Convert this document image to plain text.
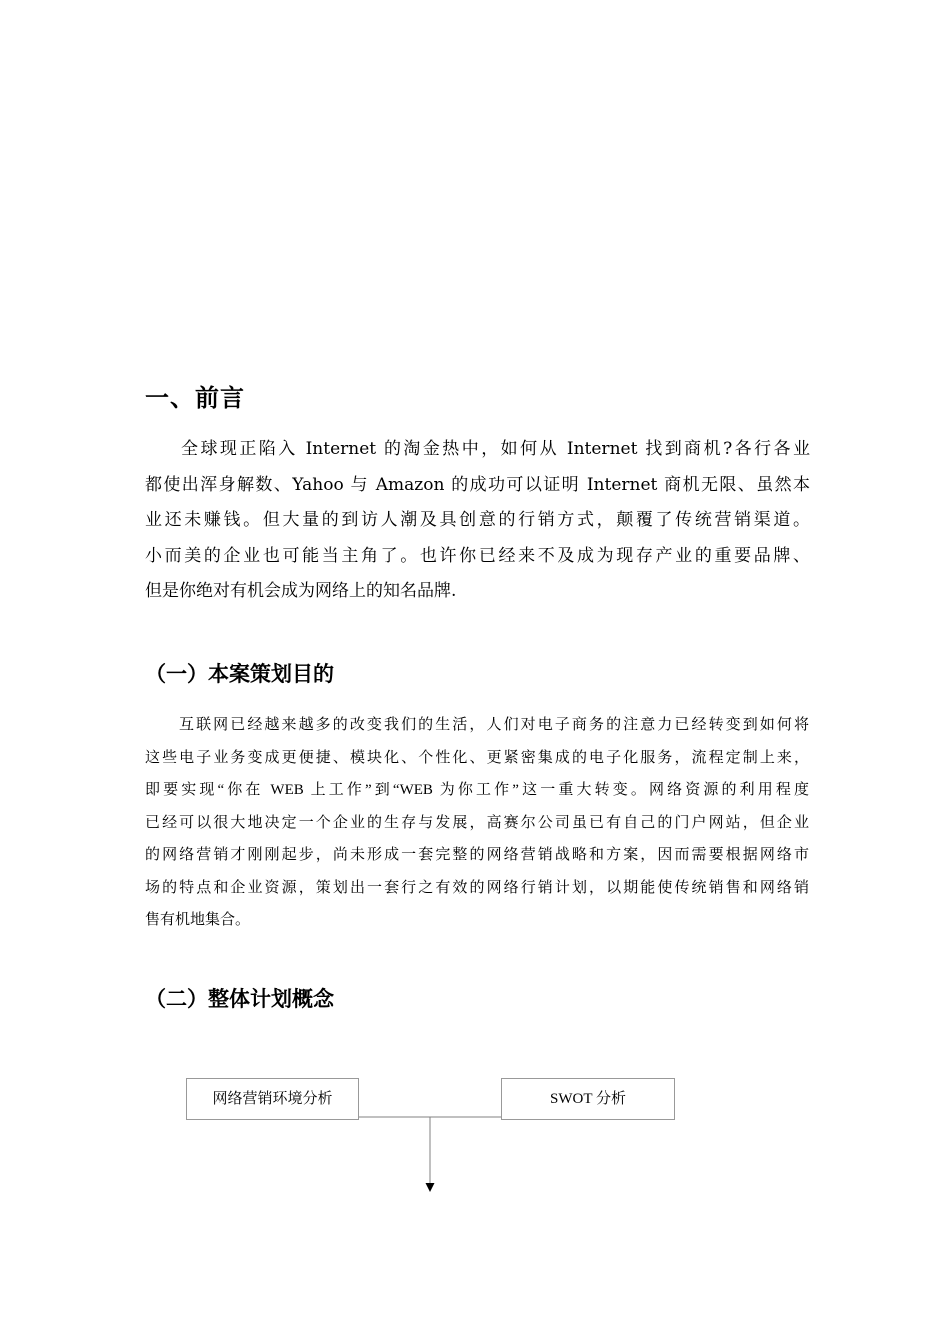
一、前言
全球现正陷入 Internet 的淘金热中，如何从 Internet 找到商机?各行各业
都使出浑身解数、Yahoo 与 Amazon 的成功可以证明 Internet 商机无限、虽然本
业还未赚钱。但大量的到访人潮及具创意的行销方式，颠覆了传统营销渠道。
小而美的企业也可能当主角了。也许你已经来不及成为现存产业的重要品牌、
但是你绝对有机会成为网络上的知名品牌.
（一）本案策划目的
互联网已经越来越多的改变我们的生活，人们对电子商务的注意力已经转变到如何将
这些电子业务变成更便捷、模块化、个性化、更紧密集成的电子化服务，流程定制上来，
即要实现“你在 WEB 上工作”到“WEB 为你工作”这一重大转变。网络资源的利用程度
已经可以很大地决定一个企业的生存与发展，高赛尔公司虽已有自己的门户网站，但企业
的网络营销才刚刚起步，尚未形成一套完整的网络营销战略和方案，因而需要根据网络市
场的特点和企业资源，策划出一套行之有效的网络行销计划，以期能使传统销售和网络销
售有机地集合。
（二）整体计划概念
网络营销环境分析	SWOT 分析
